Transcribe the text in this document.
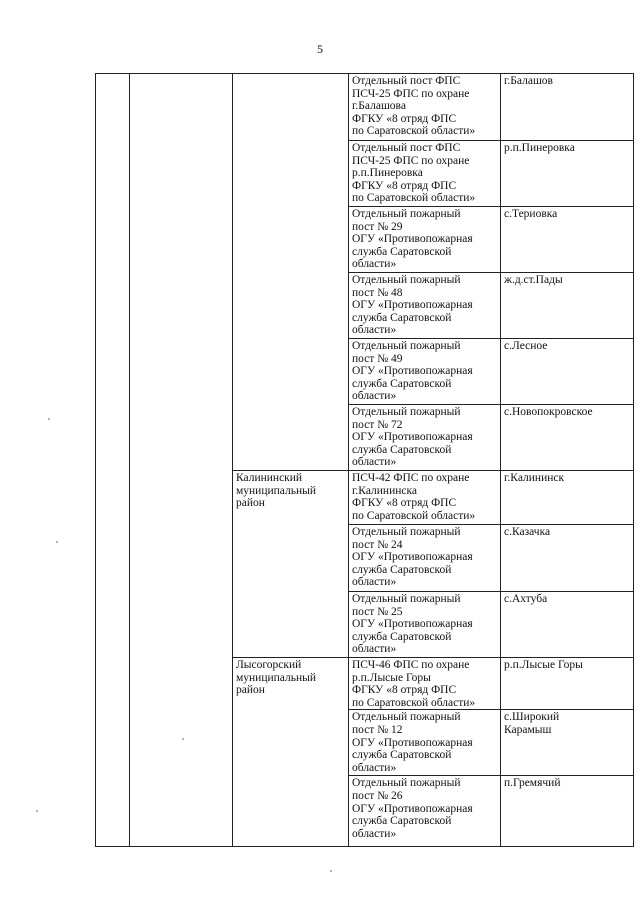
5

			Отдельный пост ФПС
ПСЧ-25 ФПС по охране
г.Балашова
ФГКУ «8 отряд ФПС
по Саратовской области»	г.Балашов

			Отдельный пост ФПС
ПСЧ-25 ФПС по охране
р.п.Пинеровка
ФГКУ «8 отряд ФПС
по Саратовской области»	р.п.Пинеровка

			Отдельный пожарный
пост № 29
ОГУ «Противопожарная
служба Саратовской
области»	с.Териовка

			Отдельный пожарный
пост № 48
ОГУ «Противопожарная
служба Саратовской
области»	ж.д.ст.Пады

			Отдельный пожарный
пост № 49
ОГУ «Противопожарная
служба Саратовской
области»	с.Лесное

			Отдельный пожарный
пост № 72
ОГУ «Противопожарная
служба Саратовской
области»	с.Новопокровское

		Калининский
муниципальный
район	ПСЧ-42 ФПС по охране
г.Калининска
ФГКУ «8 отряд ФПС
по Саратовской области»	г.Калининск

			Отдельный пожарный
пост № 24
ОГУ «Противопожарная
служба Саратовской
области»	с.Казачка

			Отдельный пожарный
пост № 25
ОГУ «Противопожарная
служба Саратовской
области»	с.Ахтуба

		Лысогорский
муниципальный
район	ПСЧ-46 ФПС по охране
р.п.Лысые Горы
ФГКУ «8 отряд ФПС
по Саратовской области»	р.п.Лысые Горы

			Отдельный пожарный
пост № 12
ОГУ «Противопожарная
служба Саратовской
области»	с.Широкий
Карамыш

			Отдельный пожарный
пост № 26
ОГУ «Противопожарная
служба Саратовской
области»	п.Гремячий
